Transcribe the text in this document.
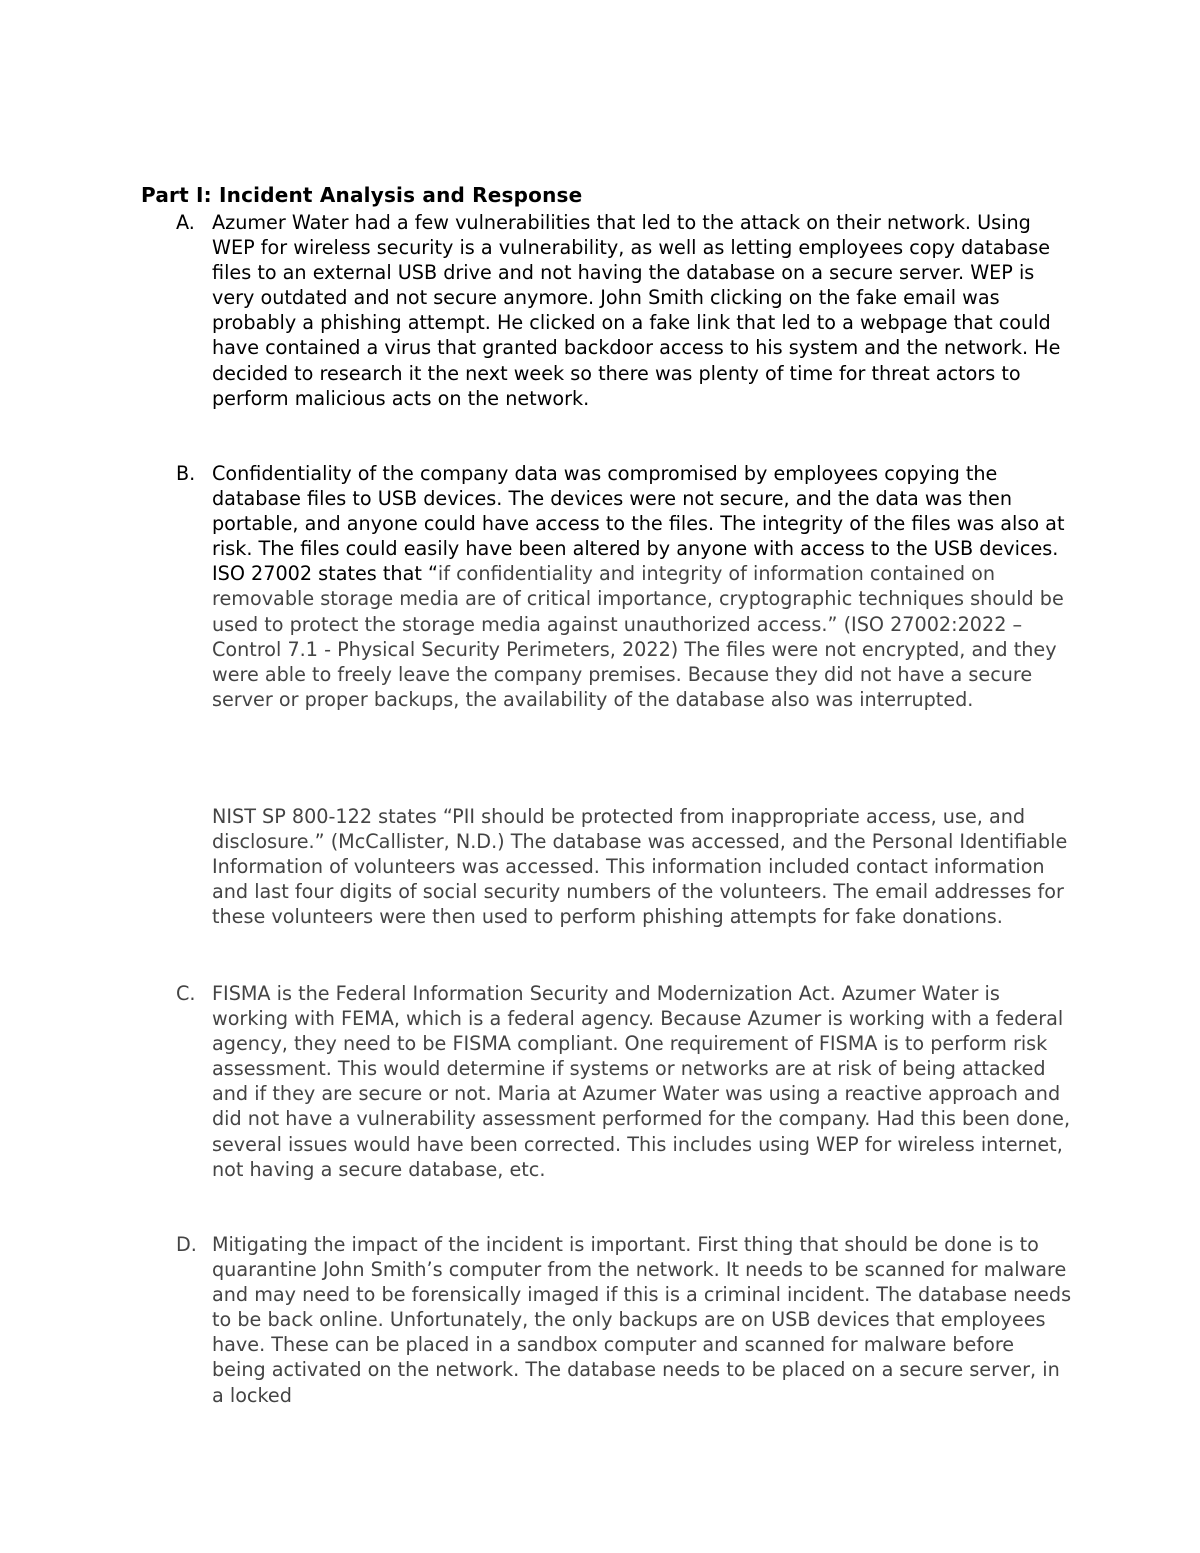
Part I: Incident Analysis and Response
A. Azumer Water had a few vulnerabilities that led to the attack on their network. Using WEP for wireless security is a vulnerability, as well as letting employees copy database files to an external USB drive and not having the database on a secure server. WEP is very outdated and not secure anymore. John Smith clicking on the fake email was probably a phishing attempt. He clicked on a fake link that led to a webpage that could have contained a virus that granted backdoor access to his system and the network. He decided to research it the next week so there was plenty of time for threat actors to perform malicious acts on the network.

B. Confidentiality of the company data was compromised by employees copying the database files to USB devices. The devices were not secure, and the data was then portable, and anyone could have access to the files. The integrity of the files was also at risk. The files could easily have been altered by anyone with access to the USB devices. ISO 27002 states that “if confidentiality and integrity of information contained on removable storage media are of critical importance, cryptographic techniques should be used to protect the storage media against unauthorized access.” (ISO 27002:2022 – Control 7.1 - Physical Security Perimeters, 2022) The files were not encrypted, and they were able to freely leave the company premises. Because they did not have a secure server or proper backups, the availability of the database also was interrupted.

NIST SP 800-122 states “PII should be protected from inappropriate access, use, and disclosure.” (McCallister, N.D.) The database was accessed, and the Personal Identifiable Information of volunteers was accessed. This information included contact information and last four digits of social security numbers of the volunteers. The email addresses for these volunteers were then used to perform phishing attempts for fake donations.

C. FISMA is the Federal Information Security and Modernization Act. Azumer Water is working with FEMA, which is a federal agency. Because Azumer is working with a federal agency, they need to be FISMA compliant. One requirement of FISMA is to perform risk assessment. This would determine if systems or networks are at risk of being attacked and if they are secure or not. Maria at Azumer Water was using a reactive approach and did not have a vulnerability assessment performed for the company. Had this been done, several issues would have been corrected. This includes using WEP for wireless internet, not having a secure database, etc.

D. Mitigating the impact of the incident is important. First thing that should be done is to quarantine John Smith’s computer from the network. It needs to be scanned for malware and may need to be forensically imaged if this is a criminal incident. The database needs to be back online. Unfortunately, the only backups are on USB devices that employees have. These can be placed in a sandbox computer and scanned for malware before being activated on the network. The database needs to be placed on a secure server, in a locked
